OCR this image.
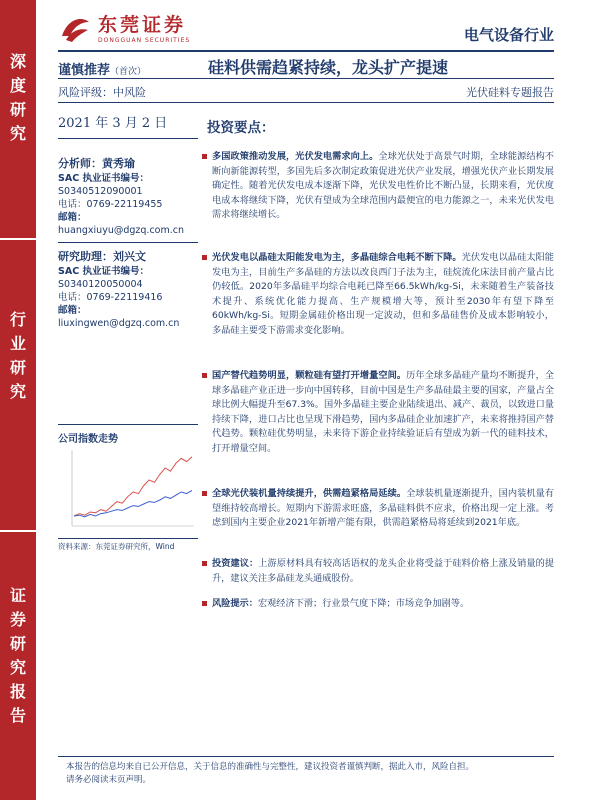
深
度
研
究
行
业
研
究
证
券
研
究
报
告
东莞证券
DONGGUAN SECURITIES	电气设备行业
谨慎推荐（首次）	硅料供需趋紧持续，龙头扩产提速
风险评级：中风险	光伏硅料专题报告
2021 年 3 月 2 日
分析师：黄秀瑜
SAC 执业证书编号：
S0340512090001
电话：0769-22119455
邮箱：
huangxiuyu@dgzq.com.cn
研究助理：刘兴文
SAC 执业证书编号：
S0340120050004
电话：0769-22119416
邮箱：
liuxingwen@dgzq.com.cn
公司指数走势
资料来源：东莞证券研究所，Wind
投资要点：
多国政策推动发展，光伏发电需求向上。全球光伏处于高景气时期，全球能源结构不断向新能源转型，多国先后多次制定政策促进光伏产业发展，增强光伏产业长期发展确定性。随着光伏发电成本逐渐下降，光伏发电性价比不断凸显，长期来看，光伏度电成本将继续下降，光伏有望成为全球范围内最便宜的电力能源之一，未来光伏发电需求将继续增长。
光伏发电以晶硅太阳能发电为主，多晶硅综合电耗不断下降。光伏发电以晶硅太阳能发电为主，目前生产多晶硅的方法以改良西门子法为主，硅烷流化床法目前产量占比仍较低。2020年多晶硅平均综合电耗已降至66.5kWh/kg-Si，未来随着生产装备技术提升、系统优化能力提高、生产规模增大等，预计至2030年有望下降至60kWh/kg-Si。短期金属硅价格出现一定波动，但和多晶硅售价及成本影响较小，多晶硅主要受下游需求变化影响。
国产替代趋势明显，颗粒硅有望打开增量空间。历年全球多晶硅产量均不断提升，全球多晶硅产业正进一步向中国转移，目前中国是生产多晶硅最主要的国家，产量占全球比例大幅提升至67.3%。国外多晶硅主要企业陆续退出、减产、裁员，以致进口量持续下降，进口占比也呈现下滑趋势，国内多晶硅企业加速扩产，未来将推持国产替代趋势。颗粒硅优势明显，未来待下游企业持续验证后有望成为新一代的硅料技术，打开增量空间。
全球光伏装机量持续提升，供需趋紧格局延续。全球装机量逐渐提升，国内装机量有望维持较高增长。短期内下游需求旺盛，多晶硅料供不应求，价格出现一定上涨。考虑到国内主要企业2021年新增产能有限，供需趋紧格局将延续到2021年底。
投资建议：上游原材料具有较高话语权的龙头企业将受益于硅料价格上涨及销量的提升，建议关注多晶硅龙头通威股份。
风险提示：宏观经济下滑；行业景气度下降；市场竞争加剧等。
本报告的信息均来自已公开信息，关于信息的准确性与完整性，建议投资者谨慎判断，据此入市，风险自担。
请务必阅读末页声明。
